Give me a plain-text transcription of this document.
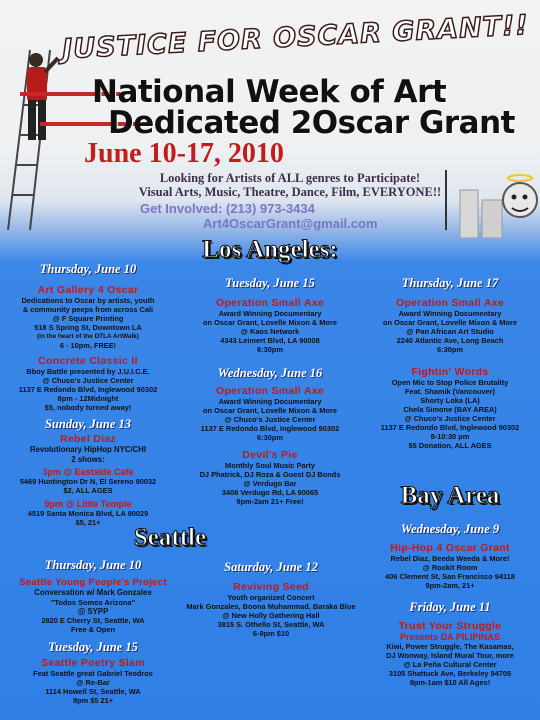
JUSTICE FOR OSCAR GRANT!!
National Week of Art
Dedicated 2Oscar Grant
June 10-17, 2010
Looking for Artists of ALL genres to Participate!
Visual Arts, Music, Theatre, Dance, Film, EVERYONE!!
Get Involved: (213) 973-3434
Art4OscarGrant@gmail.com
Los Angeles:
Thursday, June 10
Art Gallery 4 Oscar
Dedications to Oscar by artists, youth
& community peeps from across Cali
@ F Square Printing
518 S Spring St, Downtown LA
(in the heart of the DTLA ArtWalk)
6 - 10pm, FREE!
Concrete Classic II
Bboy Battle presented by J.U.I.C.E.
@ Chuco's Justice Center
1137 E Redondo Blvd, Inglewood 90302
8pm - 12Midnight
$5, nobody turned away!
Sunday, June 13
Rebel Diaz
Revolutionary HipHop NYC/CHI
2 shows:
3pm @ Eastside Cafe
5469 Huntington Dr N, El Sereno 90032
$2, ALL AGES
9pm @ Little Temple
4519 Santa Monica Blvd, LA 90029
$5, 21+
Tuesday, June 15
Operation Small Axe
Award Winning Documentary
on Oscar Grant, Lovelle Mixon & More
@ Kaos Network
4343 Leimert Blvd, LA 90008
6:30pm
Wednesday, June 16
Operation Small Axe
Award Winning Documentary
on Oscar Grant, Lovelle Mixon & More
@ Chuco's Justice Center
1137 E Redondo Blvd, Inglewood 90302
6:30pm
Devil's Pie
Monthly Soul Music Party
DJ Phatrick, DJ Roza & Guest DJ Bonds
@ Verdugo Bar
3408 Verdugo Rd, LA 90065
9pm-2am 21+ Free!
Thursday, June 17
Operation Small Axe
Award Winning Documentary
on Oscar Grant, Lovelle Mixon & More
@ Pan African Art Studio
2240 Atlantic Ave, Long Beach
6:30pm
Fightin' Words
Open Mic to Stop Police Brutality
Feat. Shamik (Vancouver)
Shorty Loka (LA)
Chela Simone (BAY AREA)
@ Chuco's Justice Center
1137 E Redondo Blvd, Inglewood 90302
8-10:30 pm
$5 Donation, ALL AGES
Bay Area
Wednesday, June 9
Hip-Hop 4 Oscar Grant
Rebel Diaz, Beeda Weeda & More!
@ Rockit Room
406 Clement St, San Francisco 94118
9pm-2am, 21+
Friday, June 11
Trust Your Struggle
Presents DA PILIPINAS
Kiwi, Power Struggle, The Kasamas,
DJ Wonway, Island Mural Tour, more
@ La Peña Cultural Center
3105 Shattuck Ave, Berkeley 94705
8pm-1am $10 All Ages!
Seattle
Thursday, June 10
Seattle Young People's Project
Conversation w/ Mark Gonzales
"Todos Somos Arizona"
@ SYPP
2820 E Cherry St, Seattle, WA
Free & Open
Tuesday, June 15
Seattle Poetry Slam
Feat Seattle great Gabriel Teodros
@ Re-Bar
1114 Howell St, Seattle, WA
9pm $5 21+
Saturday, June 12
Reviving Seed
Youth organized Concert
Mark Gonzales, Boona Muhammad, Baraka Blue
@ New Holly Gathering Hall
3815 S. Othello St, Seattle, WA
6-9pm $10
